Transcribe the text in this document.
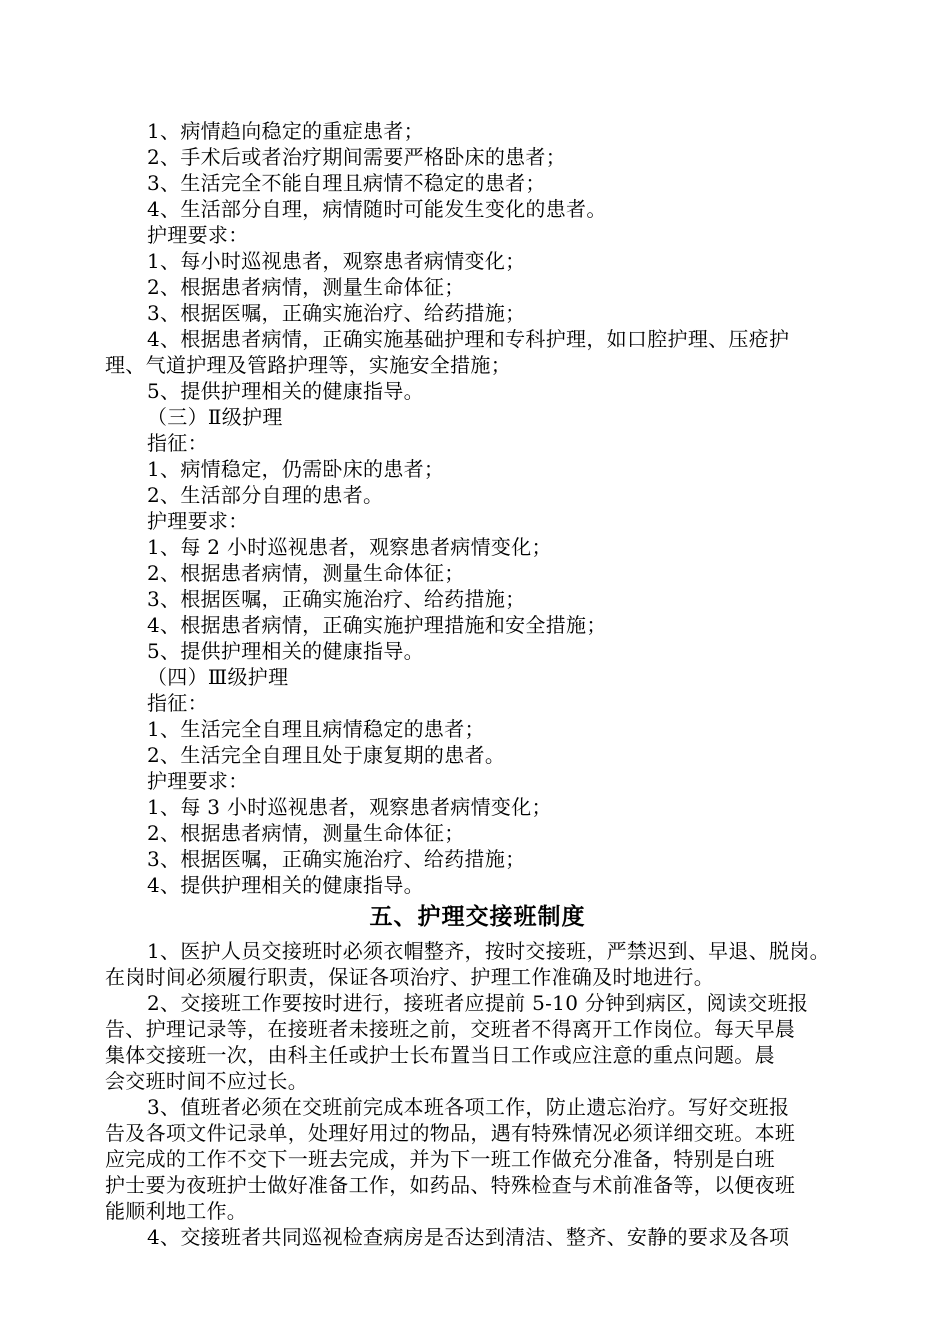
1、病情趋向稳定的重症患者；
2、手术后或者治疗期间需要严格卧床的患者；
3、生活完全不能自理且病情不稳定的患者；
4、生活部分自理，病情随时可能发生变化的患者。
护理要求：
1、每小时巡视患者，观察患者病情变化；
2、根据患者病情，测量生命体征；
3、根据医嘱，正确实施治疗、给药措施；
4、根据患者病情，正确实施基础护理和专科护理，如口腔护理、压疮护
理、气道护理及管路护理等，实施安全措施；
5、提供护理相关的健康指导。
（三）Ⅱ级护理
指征：
1、病情稳定，仍需卧床的患者；
2、生活部分自理的患者。
护理要求：
1、每 2 小时巡视患者，观察患者病情变化；
2、根据患者病情，测量生命体征；
3、根据医嘱，正确实施治疗、给药措施；
4、根据患者病情，正确实施护理措施和安全措施；
5、提供护理相关的健康指导。
（四）Ⅲ级护理
指征：
1、生活完全自理且病情稳定的患者；
2、生活完全自理且处于康复期的患者。
护理要求：
1、每 3 小时巡视患者，观察患者病情变化；
2、根据患者病情，测量生命体征；
3、根据医嘱，正确实施治疗、给药措施；
4、提供护理相关的健康指导。
五、护理交接班制度
1、医护人员交接班时必须衣帽整齐，按时交接班，严禁迟到、早退、脱岗。
在岗时间必须履行职责，保证各项治疗、护理工作准确及时地进行。
2、交接班工作要按时进行，接班者应提前 5-10 分钟到病区，阅读交班报
告、护理记录等，在接班者未接班之前，交班者不得离开工作岗位。每天早晨
集体交接班一次，由科主任或护士长布置当日工作或应注意的重点问题。晨
会交班时间不应过长。
3、值班者必须在交班前完成本班各项工作，防止遗忘治疗。写好交班报
告及各项文件记录单，处理好用过的物品，遇有特殊情况必须详细交班。本班
应完成的工作不交下一班去完成，并为下一班工作做充分准备，特别是白班
护士要为夜班护士做好准备工作，如药品、特殊检查与术前准备等，以便夜班
能顺利地工作。
4、交接班者共同巡视检查病房是否达到清洁、整齐、安静的要求及各项
